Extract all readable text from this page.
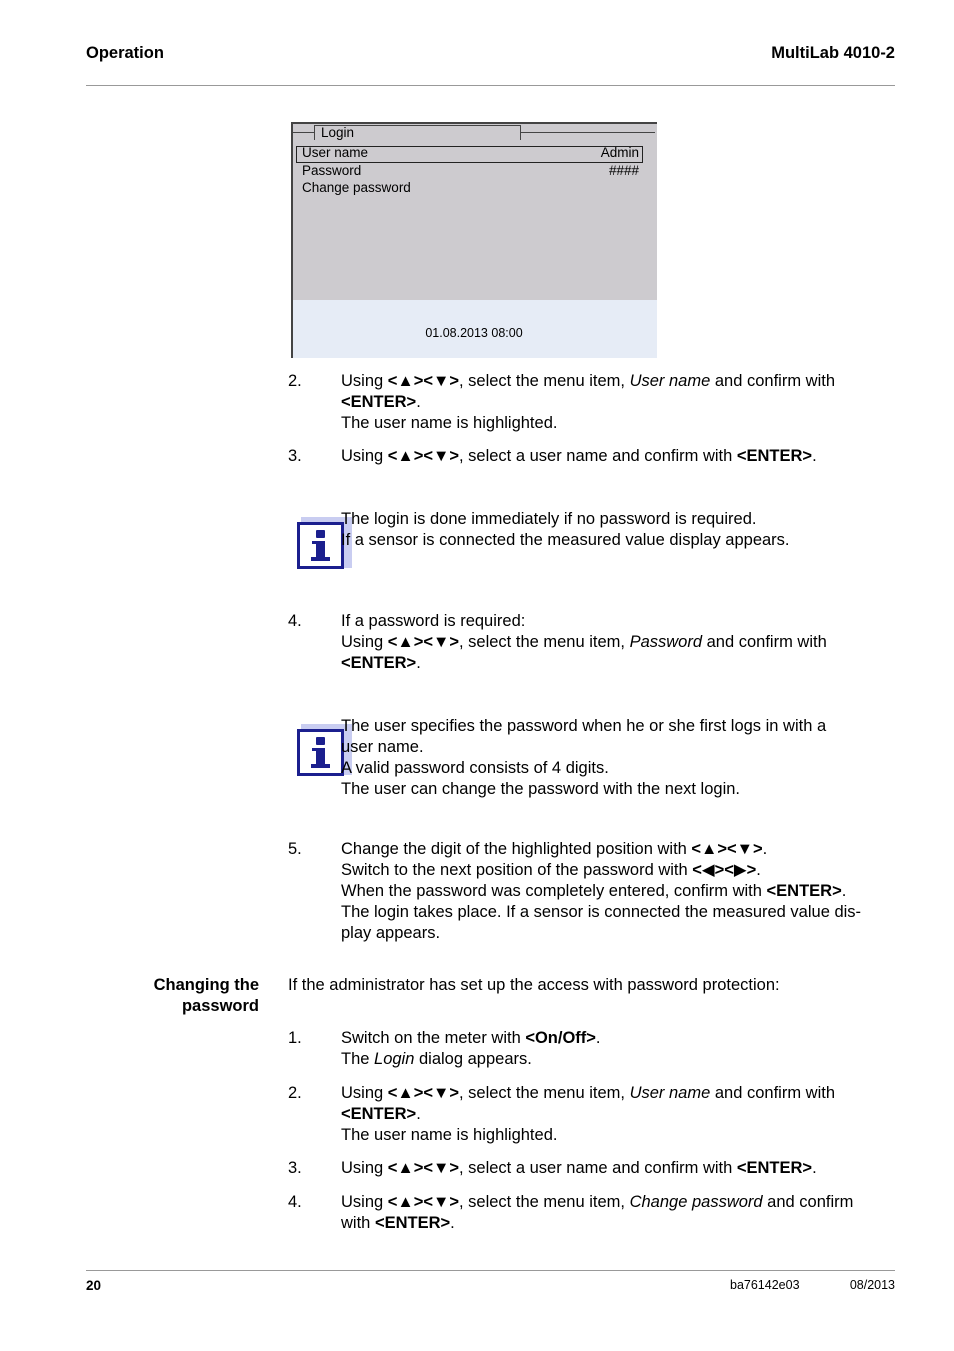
Operation	MultiLab 4010-2
Login
User name	Admin
Password	####
Change password
01.08.2013 08:00
2.	Using <▲><▼>, select the menu item, User name and confirm with
<ENTER>.
The user name is highlighted.
3.	Using <▲><▼>, select a user name and confirm with <ENTER>.
The login is done immediately if no password is required.
If a sensor is connected the measured value display appears.
4.	If a password is required:
Using <▲><▼>, select the menu item, Password and confirm with
<ENTER>.
The user specifies the password when he or she first logs in with a
user name.
A valid password consists of 4 digits.
The user can change the password with the next login.
5.	Change the digit of the highlighted position with <▲><▼>.
Switch to the next position of the password with <◀><▶>.
When the password was completely entered, confirm with <ENTER>.
The login takes place. If a sensor is connected the measured value dis-
play appears.
Changing the
password
If the administrator has set up the access with password protection:
1.	Switch on the meter with <On/Off>.
The Login dialog appears.
2.	Using <▲><▼>, select the menu item, User name and confirm with
<ENTER>.
The user name is highlighted.
3.	Using <▲><▼>, select a user name and confirm with <ENTER>.
4.	Using <▲><▼>, select the menu item, Change password and confirm
with <ENTER>.
20	ba76142e03	08/2013
